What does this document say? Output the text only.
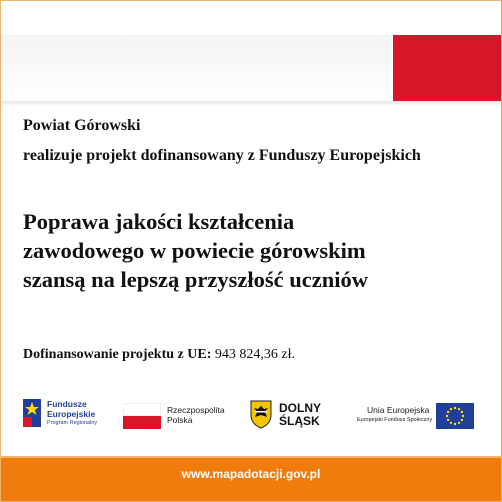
Powiat Górowski
realizuje projekt dofinansowany z Funduszy Europejskich
Poprawa jakości kształcenia
zawodowego w powiecie górowskim
szansą na lepszą przyszłość uczniów
Dofinansowanie projektu z UE: 943 824,36 zł.
Fundusze
Europejskie
Program Regionalny
Rzeczpospolita
Polska
DOLNY
ŚLĄSK
Unia Europejska
Europejski Fundusz Społeczny
www.mapadotacji.gov.pl
